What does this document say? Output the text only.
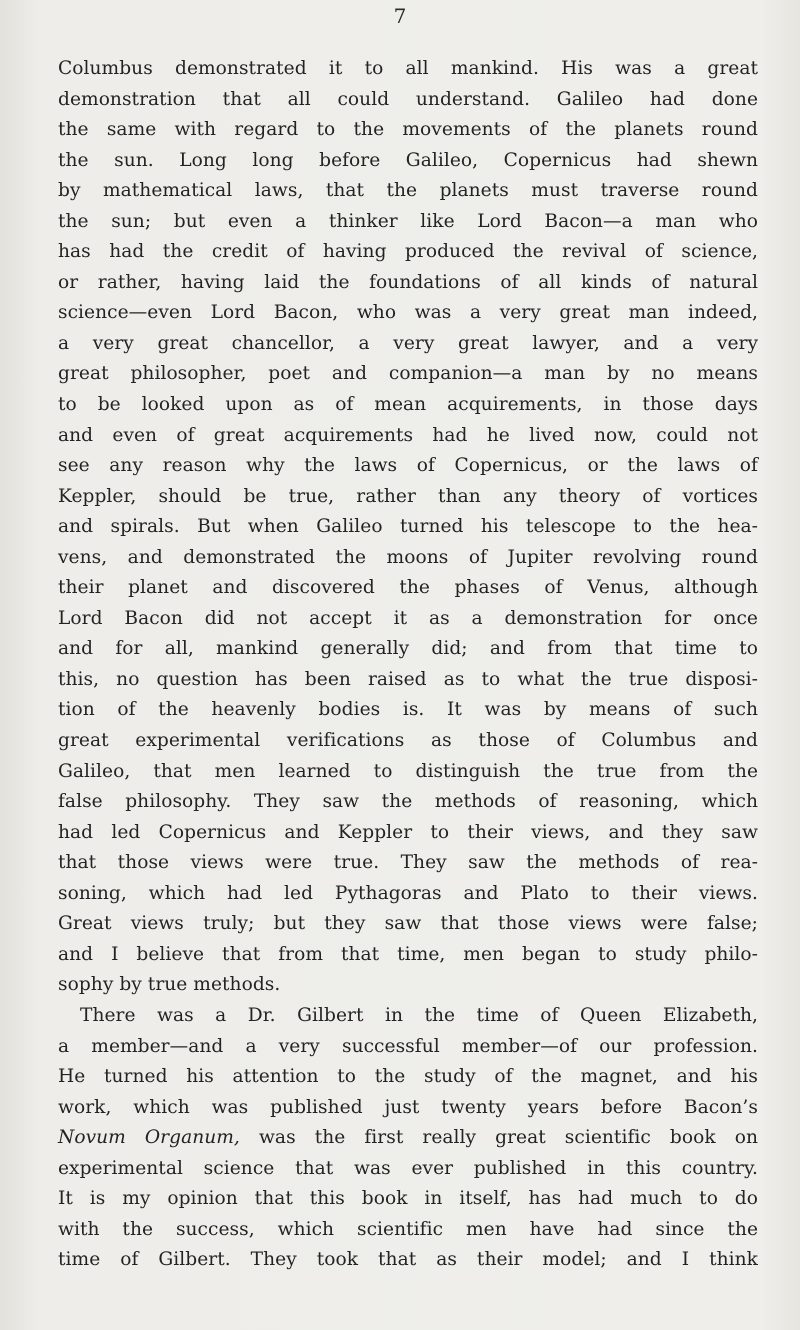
7
Columbus demonstrated it to all mankind. His was a great
demonstration that all could understand. Galileo had done
the same with regard to the movements of the planets round
the sun. Long long before Galileo, Copernicus had shewn
by mathematical laws, that the planets must traverse round
the sun; but even a thinker like Lord Bacon—a man who
has had the credit of having produced the revival of science,
or rather, having laid the foundations of all kinds of natural
science—even Lord Bacon, who was a very great man indeed,
a very great chancellor, a very great lawyer, and a very
great philosopher, poet and companion—a man by no means
to be looked upon as of mean acquirements, in those days
and even of great acquirements had he lived now, could not
see any reason why the laws of Copernicus, or the laws of
Keppler, should be true, rather than any theory of vortices
and spirals. But when Galileo turned his telescope to the hea-
vens, and demonstrated the moons of Jupiter revolving round
their planet and discovered the phases of Venus, although
Lord Bacon did not accept it as a demonstration for once
and for all, mankind generally did; and from that time to
this, no question has been raised as to what the true disposi-
tion of the heavenly bodies is. It was by means of such
great experimental verifications as those of Columbus and
Galileo, that men learned to distinguish the true from the
false philosophy. They saw the methods of reasoning, which
had led Copernicus and Keppler to their views, and they saw
that those views were true. They saw the methods of rea-
soning, which had led Pythagoras and Plato to their views.
Great views truly; but they saw that those views were false;
and I believe that from that time, men began to study philo-
sophy by true methods.
There was a Dr. Gilbert in the time of Queen Elizabeth,
a member—and a very successful member—of our profession.
He turned his attention to the study of the magnet, and his
work, which was published just twenty years before Bacon’s
Novum Organum, was the first really great scientific book on
experimental science that was ever published in this country.
It is my opinion that this book in itself, has had much to do
with the success, which scientific men have had since the
time of Gilbert. They took that as their model; and I think
